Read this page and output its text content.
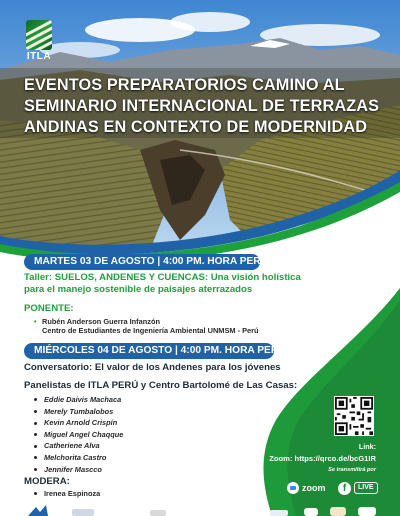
ITLA
EVENTOS PREPARATORIOS CAMINO AL
SEMINARIO INTERNACIONAL DE TERRAZAS
ANDINAS EN CONTEXTO DE MODERNIDAD
MARTES 03 DE AGOSTO | 4:00 PM. HORA PERÚ
Taller: SUELOS, ANDENES Y CUENCAS: Una visión holística
para el manejo sostenible de paisajes aterrazados
PONENTE:
• Rubén Anderson Guerra Infanzón
Centro de Estudiantes de Ingeniería Ambiental UNMSM - Perú
MIÉRCOLES 04 DE AGOSTO | 4:00 PM. HORA PERÚ
Conversatorio: El valor de los Andenes para los jóvenes
Panelistas de ITLA PERÚ y Centro Bartolomé de Las Casas:
Eddie Daivis Machaca
Merely Tumbalobos
Kevin Arnold Crispín
Miguel Angel Chaqque
Catheriene Alva
Melchorita Castro
Jennifer Mascco
MODERA:
Irenea Espinoza
Link:
Zoom: https://qrco.de/bcG1IR
Se transmitirá por
zoom	f	LIVE
